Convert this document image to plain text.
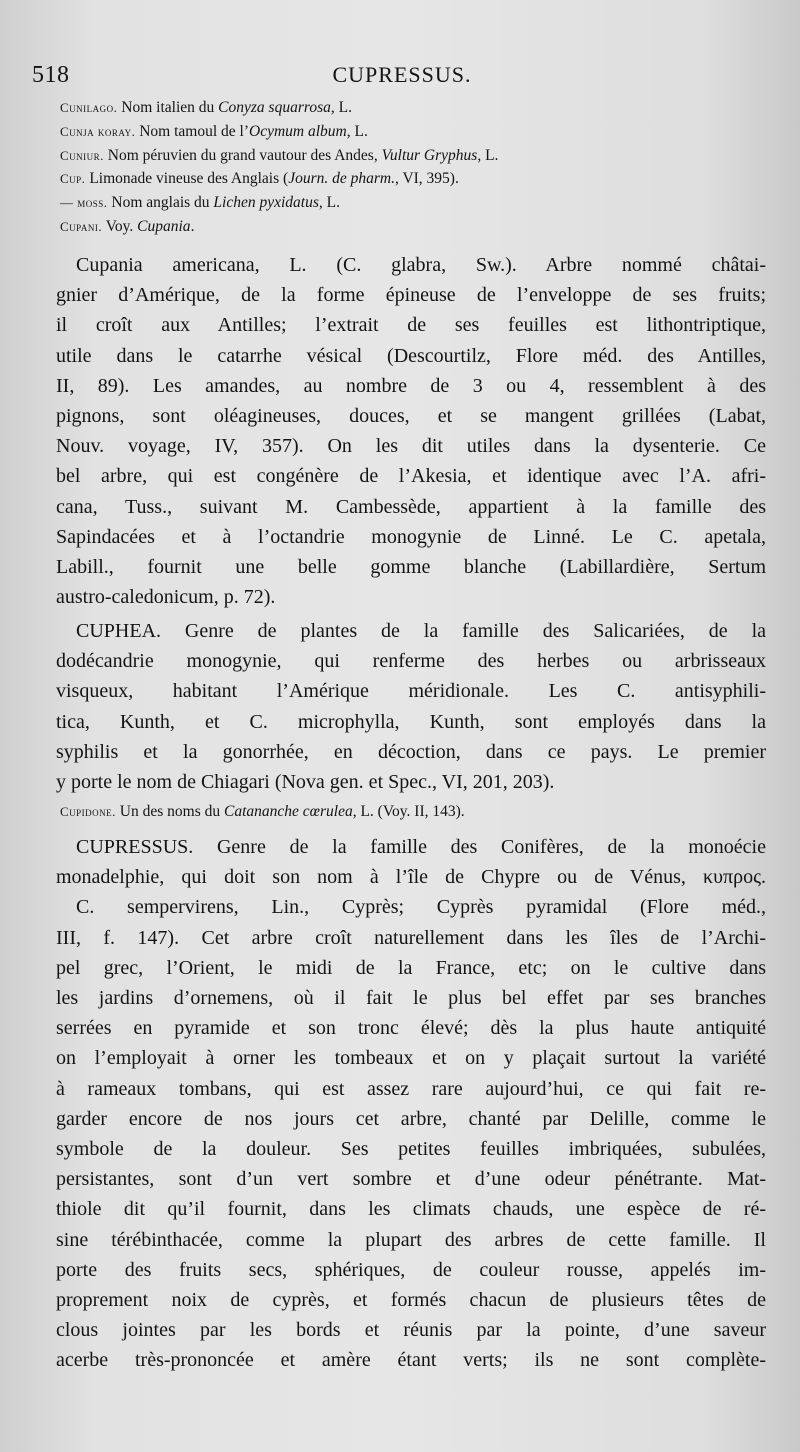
518	CUPRESSUS.

Cunilago. Nom italien du Conyza squarrosa, L.

Cunja koray. Nom tamoul de l’Ocymum album, L.

Cuniur. Nom péruvien du grand vautour des Andes, Vultur Gryphus, L.

Cup. Limonade vineuse des Anglais (Journ. de pharm., VI, 395).

— moss. Nom anglais du Lichen pyxidatus, L.

Cupani. Voy. Cupania.

Cupania americana, L. (C. glabra, Sw.). Arbre nommé châtai-
gnier d’Amérique, de la forme épineuse de l’enveloppe de ses fruits;
il croît aux Antilles; l’extrait de ses feuilles est lithontriptique,
utile dans le catarrhe vésical (Descourtilz, Flore méd. des Antilles,
II, 89). Les amandes, au nombre de 3 ou 4, ressemblent à des
pignons, sont oléagineuses, douces, et se mangent grillées (Labat,
Nouv. voyage, IV, 357). On les dit utiles dans la dysenterie. Ce
bel arbre, qui est congénère de l’Akesia, et identique avec l’A. afri-
cana, Tuss., suivant M. Cambessède, appartient à la famille des
Sapindacées et à l’octandrie monogynie de Linné. Le C. apetala,
Labill., fournit une belle gomme blanche (Labillardière, Sertum
austro-caledonicum, p. 72).
CUPHEA. Genre de plantes de la famille des Salicariées, de la
dodécandrie monogynie, qui renferme des herbes ou arbrisseaux
visqueux, habitant l’Amérique méridionale. Les C. antisyphili-
tica, Kunth, et C. microphylla, Kunth, sont employés dans la
syphilis et la gonorrhée, en décoction, dans ce pays. Le premier
y porte le nom de Chiagari (Nova gen. et Spec., VI, 201, 203).

Cupidone. Un des noms du Catananche cœrulea, L. (Voy. II, 143).

CUPRESSUS. Genre de la famille des Conifères, de la monoécie
monadelphie, qui doit son nom à l’île de Chypre ou de Vénus, κυπρος.
C. sempervirens, Lin., Cyprès; Cyprès pyramidal (Flore méd.,
III, f. 147). Cet arbre croît naturellement dans les îles de l’Archi-
pel grec, l’Orient, le midi de la France, etc; on le cultive dans
les jardins d’ornemens, où il fait le plus bel effet par ses branches
serrées en pyramide et son tronc élevé; dès la plus haute antiquité
on l’employait à orner les tombeaux et on y plaçait surtout la variété
à rameaux tombans, qui est assez rare aujourd’hui, ce qui fait re-
garder encore de nos jours cet arbre, chanté par Delille, comme le
symbole de la douleur. Ses petites feuilles imbriquées, subulées,
persistantes, sont d’un vert sombre et d’une odeur pénétrante. Mat-
thiole dit qu’il fournit, dans les climats chauds, une espèce de ré-
sine térébinthacée, comme la plupart des arbres de cette famille. Il
porte des fruits secs, sphériques, de couleur rousse, appelés im-
proprement noix de cyprès, et formés chacun de plusieurs têtes de
clous jointes par les bords et réunis par la pointe, d’une saveur
acerbe très-prononcée et amère étant verts; ils ne sont complète-
